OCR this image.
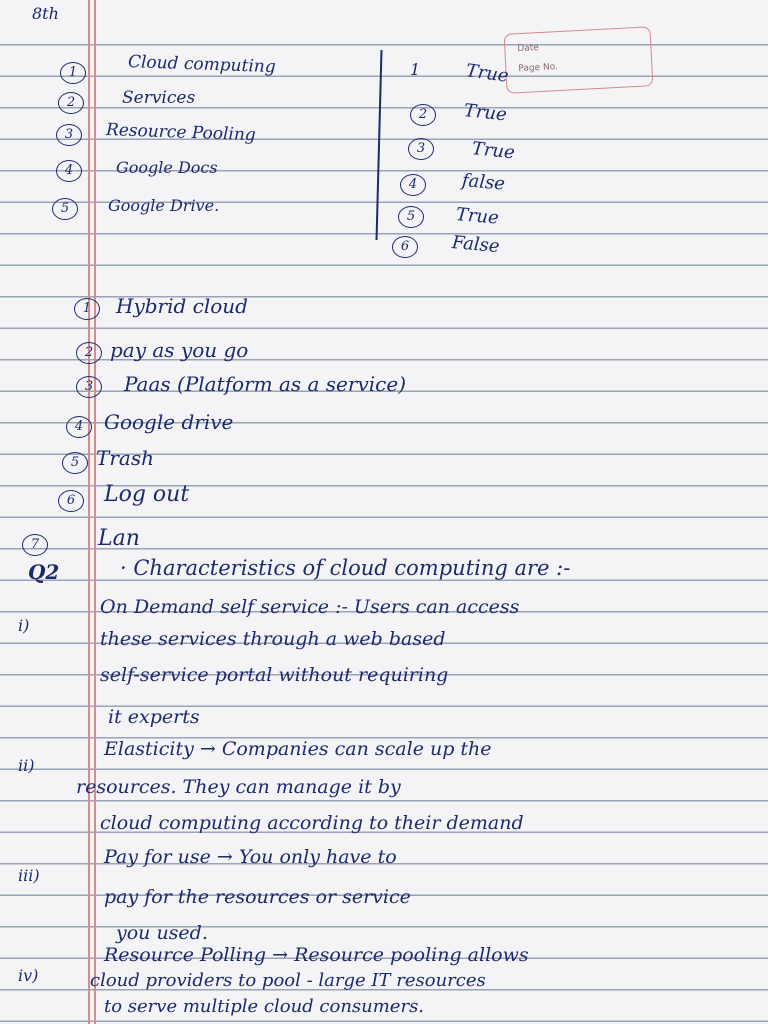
8th
Date
Page No.
1	Cloud computing
2	Services
3	Resource Pooling
4	Google Docs
5	Google Drive.
1 True
2	True
3	True
4	false
5	True
6	False
1	Hybrid cloud
2 pay as you go
3	Paas (Platform as a service)
4	Google drive
5 Trash
6	Log out
7	Lan
Q2	· Characteristics of cloud computing are :-
i)
On Demand self service :- Users can access
these services through a web based
self-service portal without requiring
it experts
ii)
Elasticity → Companies can scale up the
resources. They can manage it by
cloud computing according to their demand
iii)
Pay for use → You only have to
pay for the resources or service
you used.
iv)
Resource Polling → Resource pooling allows
cloud providers to pool - large IT resources
to serve multiple cloud consumers.
